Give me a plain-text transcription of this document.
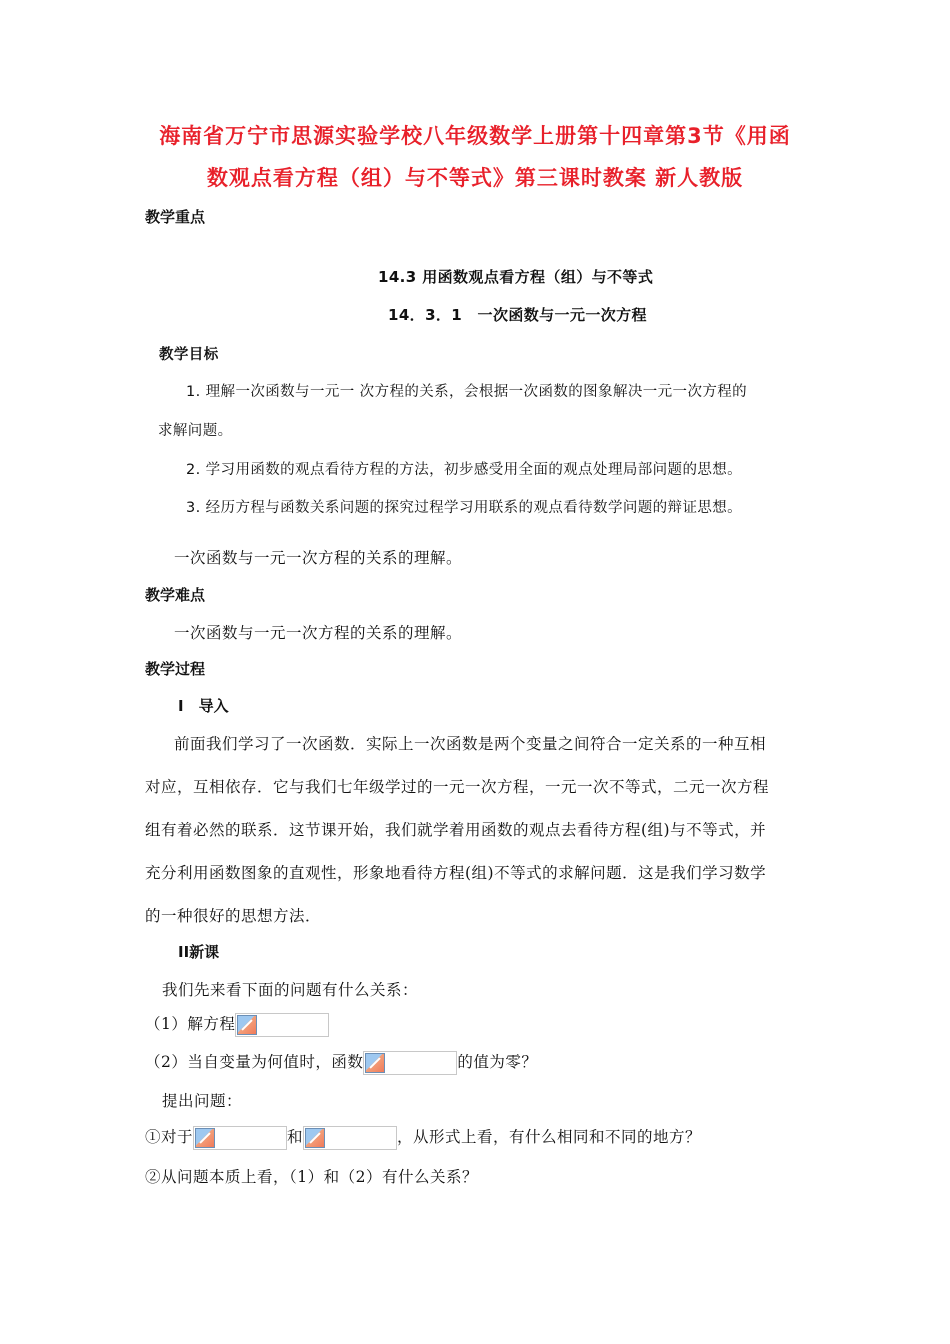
海南省万宁市思源实验学校八年级数学上册第十四章第3节《用函
数观点看方程（组）与不等式》第三课时教案 新人教版
教学重点
14.3 用函数观点看方程（组）与不等式
14．3．1　一次函数与一元一次方程
教学目标
1. 理解一次函数与一元一 次方程的关系，会根据一次函数的图象解决一元一次方程的
求解问题。
2. 学习用函数的观点看待方程的方法，初步感受用全面的观点处理局部问题的思想。
3. 经历方程与函数关系问题的探究过程学习用联系的观点看待数学问题的辩证思想。
一次函数与一元一次方程的关系的理解。
教学难点
一次函数与一元一次方程的关系的理解。
教学过程
I　导入
前面我们学习了一次函数．实际上一次函数是两个变量之间符合一定关系的一种互相
对应，互相依存．它与我们七年级学过的一元一次方程，一元一次不等式，二元一次方程
组有着必然的联系．这节课开始，我们就学着用函数的观点去看待方程(组)与不等式，并
充分利用函数图象的直观性，形象地看待方程(组)不等式的求解问题．这是我们学习数学
的一种很好的思想方法．
II新课
我们先来看下面的问题有什么关系：
（1）解方程
（2）当自变量为何值时，函数	的值为零？
提出问题：
①对于	和	，从形式上看，有什么相同和不同的地方？
②从问题本质上看，（1）和（2）有什么关系？
